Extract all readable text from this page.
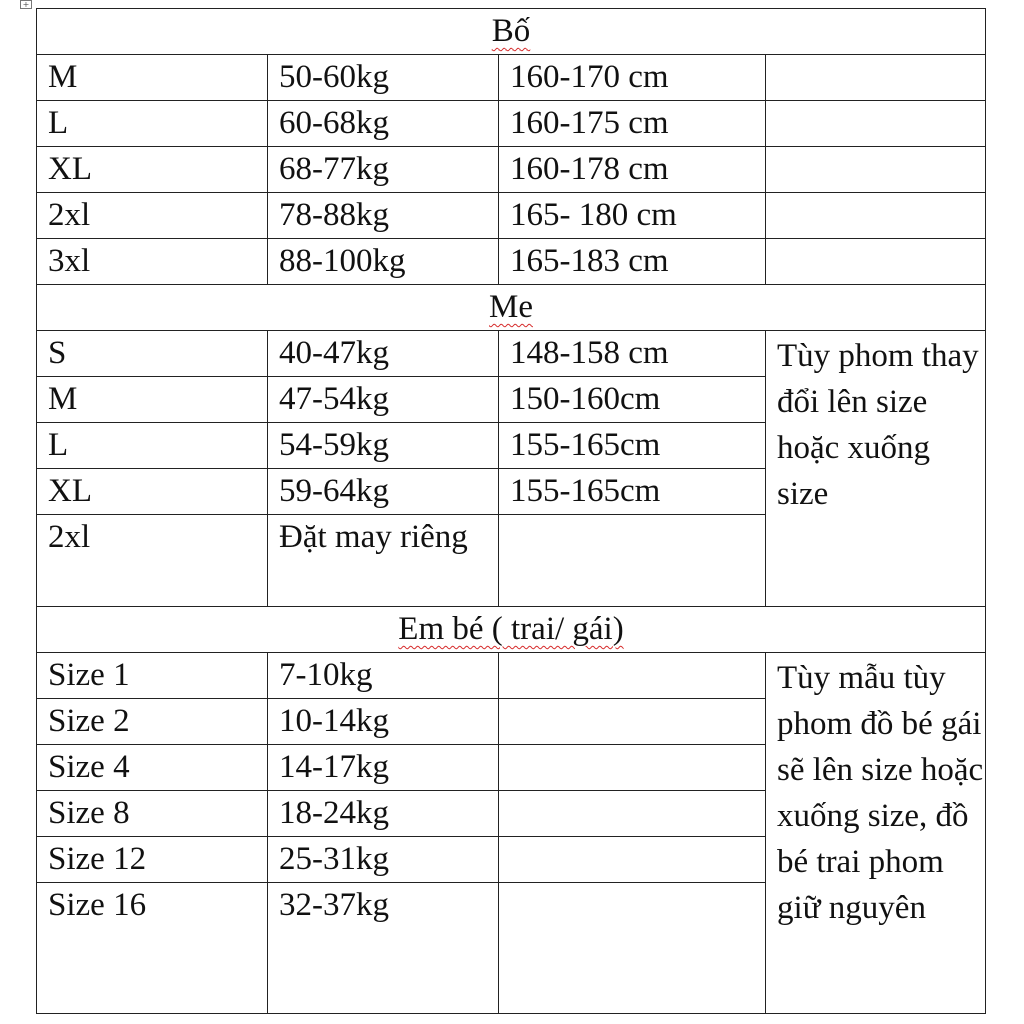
+
Bố			
M	50-60kg	160-170 cm	
L	60-68kg	160-175 cm	
XL	68-77kg	160-178 cm	
2xl	78-88kg	165- 180 cm	
3xl	88-100kg	165-183 cm	
Me			
S	40-47kg	148-158 cm	Tùy phom thay đổi lên size hoặc xuống size
M	47-54kg	150-160cm	
L	54-59kg	155-165cm	
XL	59-64kg	155-165cm	
2xl	Đặt may riêng		
Em bé ( trai/ gái)			
Size 1	7-10kg		Tùy mẫu tùy phom đồ bé gái sẽ lên size hoặc xuống size, đồ bé trai phom giữ nguyên
Size 2	10-14kg		
Size 4	14-17kg		
Size 8	18-24kg		
Size 12	25-31kg		
Size 16	32-37kg		
